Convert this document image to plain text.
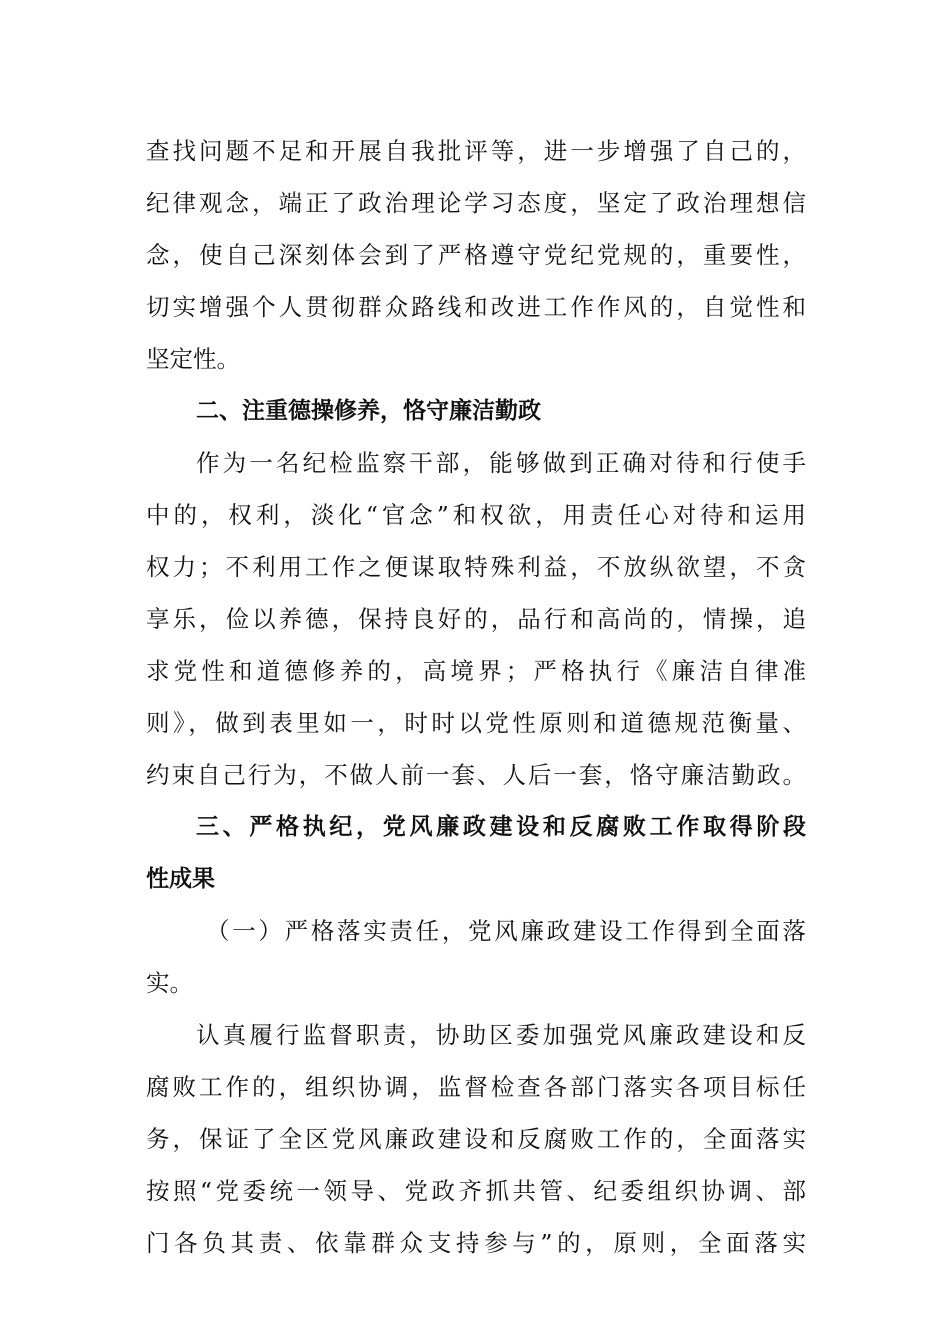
查找问题不足和开展自我批评等，进一步增强了自己的，
纪律观念，端正了政治理论学习态度，坚定了政治理想信
念，使自己深刻体会到了严格遵守党纪党规的，重要性，
切实增强个人贯彻群众路线和改进工作作风的，自觉性和
坚定性。
二、注重德操修养，恪守廉洁勤政
作为一名纪检监察干部，能够做到正确对待和行使手
中的，权利，淡化“官念”和权欲，用责任心对待和运用
权力；不利用工作之便谋取特殊利益，不放纵欲望，不贪
享乐，俭以养德，保持良好的，品行和高尚的，情操，追
求党性和道德修养的，高境界；严格执行《廉洁自律准
则》，做到表里如一，时时以党性原则和道德规范衡量、
约束自己行为，不做人前一套、人后一套，恪守廉洁勤政。
三、严格执纪，党风廉政建设和反腐败工作取得阶段
性成果
（一）严格落实责任，党风廉政建设工作得到全面落
实。
认真履行监督职责，协助区委加强党风廉政建设和反
腐败工作的，组织协调，监督检查各部门落实各项目标任
务，保证了全区党风廉政建设和反腐败工作的，全面落实
按照“党委统一领导、党政齐抓共管、纪委组织协调、部
门各负其责、依靠群众支持参与”的，原则，全面落实
